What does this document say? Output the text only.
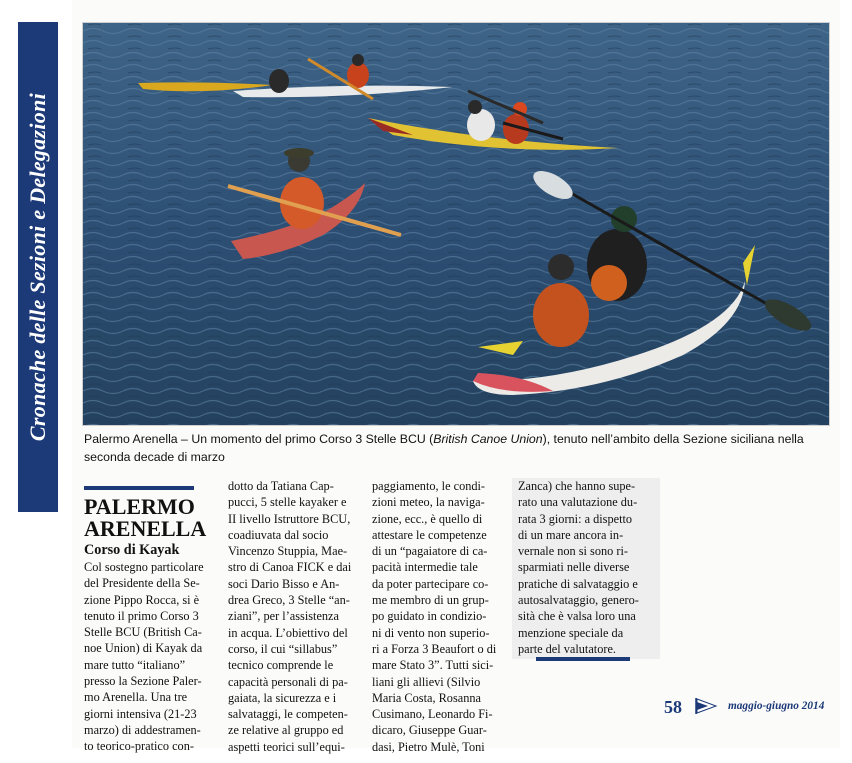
Cronache delle Sezioni e Delegazioni	Palermo Arenella – Un momento del primo Corso 3 Stelle BCU (British Canoe Union), tenuto nell’ambito della Sezione siciliana nella seconda decade di marzo
PALERMO ARENELLA
Corso di Kayak
Col sostegno particolare
del Presidente della Se-
zione Pippo Rocca, si è
tenuto il primo Corso 3
Stelle BCU (British Ca-
noe Union) di Kayak da
mare tutto “italiano”
presso la Sezione Paler-
mo Arenella. Una tre
giorni intensiva (21-23
marzo) di addestramen-
to teorico-pratico con-
dotto da Tatiana Cap-
pucci, 5 stelle kayaker e
II livello Istruttore BCU,
coadiuvata dal socio
Vincenzo Stuppia, Mae-
stro di Canoa FICK e dai
soci Dario Bisso e An-
drea Greco, 3 Stelle “an-
ziani”, per l’assistenza
in acqua. L’obiettivo del
corso, il cui “sillabus”
tecnico comprende le
capacità personali di pa-
gaiata, la sicurezza e i
salvataggi, le competen-
ze relative al gruppo ed
aspetti teorici sull’equi-
paggiamento, le condi-
zioni meteo, la naviga-
zione, ecc., è quello di
attestare le competenze
di un “pagaiatore di ca-
pacità intermedie tale
da poter partecipare co-
me membro di un grup-
po guidato in condizio-
ni di vento non superio-
ri a Forza 3 Beaufort o di
mare Stato 3”. Tutti sici-
liani gli allievi (Silvio
Maria Costa, Rosanna
Cusimano, Leonardo Fi-
dicaro, Giuseppe Guar-
dasi, Pietro Mulè, Toni
Zanca) che hanno supe-
rato una valutazione du-
rata 3 giorni: a dispetto
di un mare ancora in-
vernale non si sono ri-
sparmiati nelle diverse
pratiche di salvataggio e
autosalvataggio, genero-
sità che è valsa loro una
menzione speciale da
parte del valutatore.
58	maggio-giugno 2014
